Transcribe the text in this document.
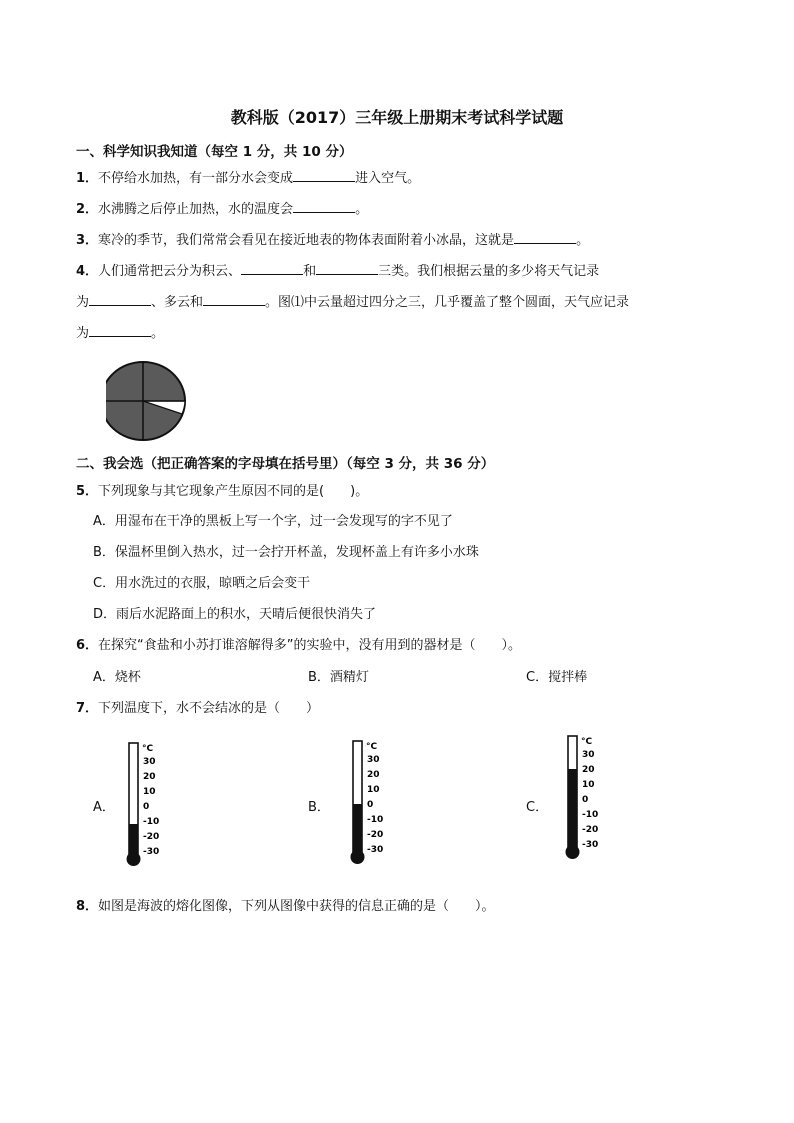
教科版（2017）三年级上册期末考试科学试题
一、科学知识我知道（每空 1 分，共 10 分）
1．不停给水加热，有一部分水会变成	进入空气。
2．水沸腾之后停止加热，水的温度会	。
3．寒冷的季节，我们常常会看见在接近地表的物体表面附着小冰晶，这就是	。
4．人们通常把云分为积云、	和	三类。我们根据云量的多少将天气记录
为	、多云和	。图⑴中云量超过四分之三，几乎覆盖了整个圆面，天气应记录
为	。
二、我会选（把正确答案的字母填在括号里）（每空 3 分，共 36 分）
5．下列现象与其它现象产生原因不同的是(　　)。
A．用湿布在干净的黑板上写一个字，过一会发现写的字不见了
B．保温杯里倒入热水，过一会拧开杯盖，发现杯盖上有许多小水珠
C．用水洗过的衣服，晾晒之后会变干
D．雨后水泥路面上的积水，天晴后便很快消失了
6．在探究“食盐和小苏打谁溶解得多”的实验中，没有用到的器材是（　　）。
A．烧杯	B．酒精灯	C．搅拌棒
7．下列温度下，水不会结冰的是（　　）
A．	B．	C．
°C
30
20
10
0
-10
-20
-30
°C
30
20
10
0
-10
-20
-30
°C
30
20
10
0
-10
-20
-30
8．如图是海波的熔化图像，下列从图像中获得的信息正确的是（　　）。
